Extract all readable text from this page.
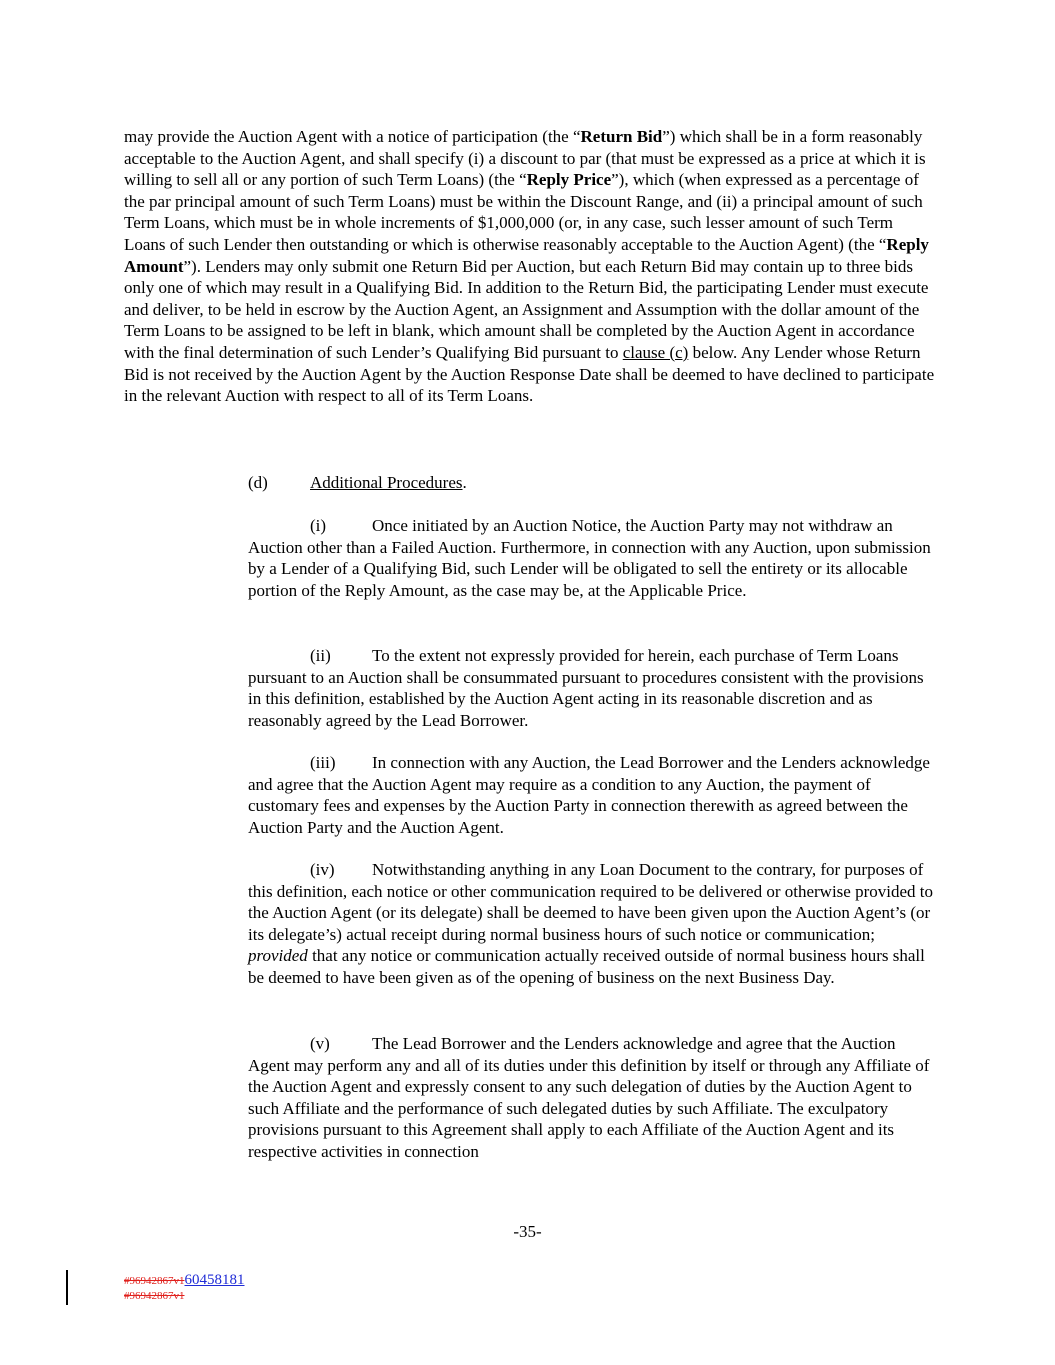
may provide the Auction Agent with a notice of participation (the “Return Bid”) which shall be in a form reasonably acceptable to the Auction Agent, and shall specify (i) a discount to par (that must be expressed as a price at which it is willing to sell all or any portion of such Term Loans) (the “Reply Price”), which (when expressed as a percentage of the par principal amount of such Term Loans) must be within the Discount Range, and (ii) a principal amount of such Term Loans, which must be in whole increments of $1,000,000 (or, in any case, such lesser amount of such Term Loans of such Lender then outstanding or which is otherwise reasonably acceptable to the Auction Agent) (the “Reply Amount”). Lenders may only submit one Return Bid per Auction, but each Return Bid may contain up to three bids only one of which may result in a Qualifying Bid. In addition to the Return Bid, the participating Lender must execute and deliver, to be held in escrow by the Auction Agent, an Assignment and Assumption with the dollar amount of the Term Loans to be assigned to be left in blank, which amount shall be completed by the Auction Agent in accordance with the final determination of such Lender’s Qualifying Bid pursuant to clause (c) below. Any Lender whose Return Bid is not received by the Auction Agent by the Auction Response Date shall be deemed to have declined to participate in the relevant Auction with respect to all of its Term Loans.

(d) Additional Procedures.

(i)	Once initiated by an Auction Notice, the Auction Party may not withdraw an Auction other than a Failed Auction. Furthermore, in connection with any Auction, upon submission by a Lender of a Qualifying Bid, such Lender will be obligated to sell the entirety or its allocable portion of the Reply Amount, as the case may be, at the Applicable Price.

(ii) To the extent not expressly provided for herein, each purchase of Term Loans pursuant to an Auction shall be consummated pursuant to procedures consistent with the provisions in this definition, established by the Auction Agent acting in its reasonable discretion and as reasonably agreed by the Lead Borrower.

(iii) In connection with any Auction, the Lead Borrower and the Lenders acknowledge and agree that the Auction Agent may require as a condition to any Auction, the payment of customary fees and expenses by the Auction Party in connection therewith as agreed between the Auction Party and the Auction Agent.

(iv) Notwithstanding anything in any Loan Document to the contrary, for purposes of this definition, each notice or other communication required to be delivered or otherwise provided to the Auction Agent (or its delegate) shall be deemed to have been given upon the Auction Agent’s (or its delegate’s) actual receipt during normal business hours of such notice or communication; provided that any notice or communication actually received outside of normal business hours shall be deemed to have been given as of the opening of business on the next Business Day.

(v) The Lead Borrower and the Lenders acknowledge and agree that the Auction Agent may perform any and all of its duties under this definition by itself or through any Affiliate of the Auction Agent and expressly consent to any such delegation of duties by the Auction Agent to such Affiliate and the performance of such delegated duties by such Affiliate. The exculpatory provisions pursuant to this Agreement shall apply to each Affiliate of the Auction Agent and its respective activities in connection

-35-

#96942867v160458181
#96942867v1
